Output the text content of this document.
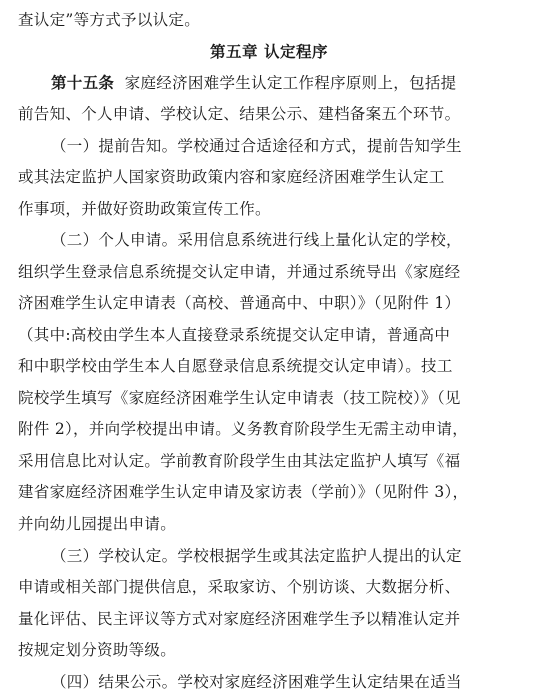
查认定”等方式予以认定。
第五章 认定程序
第十五条 家庭经济困难学生认定工作程序原则上，包括提
前告知、个人申请、学校认定、结果公示、建档备案五个环节。
（一）提前告知。学校通过合适途径和方式，提前告知学生
或其法定监护人国家资助政策内容和家庭经济困难学生认定工
作事项，并做好资助政策宣传工作。
（二）个人申请。采用信息系统进行线上量化认定的学校，
组织学生登录信息系统提交认定申请，并通过系统导出《家庭经
济困难学生认定申请表（高校、普通高中、中职）》（见附件 1）
（其中:高校由学生本人直接登录系统提交认定申请，普通高中
和中职学校由学生本人自愿登录信息系统提交认定申请）。技工
院校学生填写《家庭经济困难学生认定申请表（技工院校）》（见
附件 2），并向学校提出申请。义务教育阶段学生无需主动申请，
采用信息比对认定。学前教育阶段学生由其法定监护人填写《福
建省家庭经济困难学生认定申请及家访表（学前）》（见附件 3），
并向幼儿园提出申请。
（三）学校认定。学校根据学生或其法定监护人提出的认定
申请或相关部门提供信息，采取家访、个别访谈、大数据分析、
量化评估、民主评议等方式对家庭经济困难学生予以精准认定并
按规定划分资助等级。
（四）结果公示。学校对家庭经济困难学生认定结果在适当
